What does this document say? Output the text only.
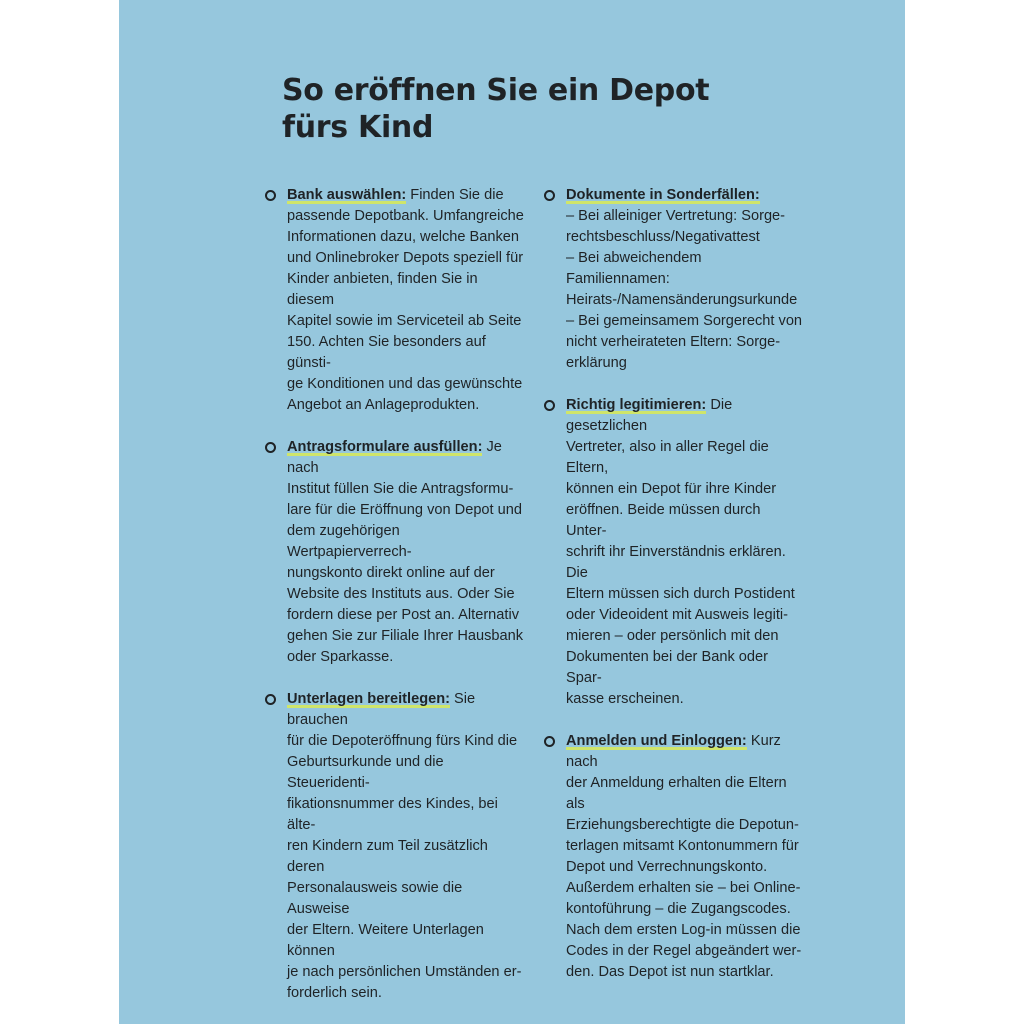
So eröffnen Sie ein Depot
fürs Kind
Bank auswählen: Finden Sie die
passende Depotbank. Umfangreiche
Informationen dazu, welche Banken
und Onlinebroker Depots speziell für
Kinder anbieten, finden Sie in diesem
Kapitel sowie im Serviceteil ab Seite
150. Achten Sie besonders auf günsti-
ge Konditionen und das gewünschte
Angebot an Anlageprodukten.
Antragsformulare ausfüllen: Je nach
Institut füllen Sie die Antragsformu-
lare für die Eröffnung von Depot und
dem zugehörigen Wertpapierverrech-
nungskonto direkt online auf der
Website des Instituts aus. Oder Sie
fordern diese per Post an. Alternativ
gehen Sie zur Filiale Ihrer Hausbank
oder Sparkasse.
Unterlagen bereitlegen: Sie brauchen
für die Depoteröffnung fürs Kind die
Geburtsurkunde und die Steueridenti-
fikationsnummer des Kindes, bei älte-
ren Kindern zum Teil zusätzlich deren
Personalausweis sowie die Ausweise
der Eltern. Weitere Unterlagen können
je nach persönlichen Umständen er-
forderlich sein.
Dokumente in Sonderfällen:
– Bei alleiniger Vertretung: Sorge-
rechtsbeschluss/Negativattest
– Bei abweichendem Familiennamen:
Heirats-/Namensänderungsurkunde
– Bei gemeinsamem Sorgerecht von
nicht verheirateten Eltern: Sorge-
erklärung
Richtig legitimieren: Die gesetzlichen
Vertreter, also in aller Regel die Eltern,
können ein Depot für ihre Kinder
eröffnen. Beide müssen durch Unter-
schrift ihr Einverständnis erklären. Die
Eltern müssen sich durch Postident
oder Videoident mit Ausweis legiti-
mieren – oder persönlich mit den
Dokumenten bei der Bank oder Spar-
kasse erscheinen.
Anmelden und Einloggen: Kurz nach
der Anmeldung erhalten die Eltern als
Erziehungsberechtigte die Depotun-
terlagen mitsamt Kontonummern für
Depot und Verrechnungskonto.
Außerdem erhalten sie – bei Online-
kontoführung – die Zugangscodes.
Nach dem ersten Log-in müssen die
Codes in der Regel abgeändert wer-
den. Das Depot ist nun startklar.
